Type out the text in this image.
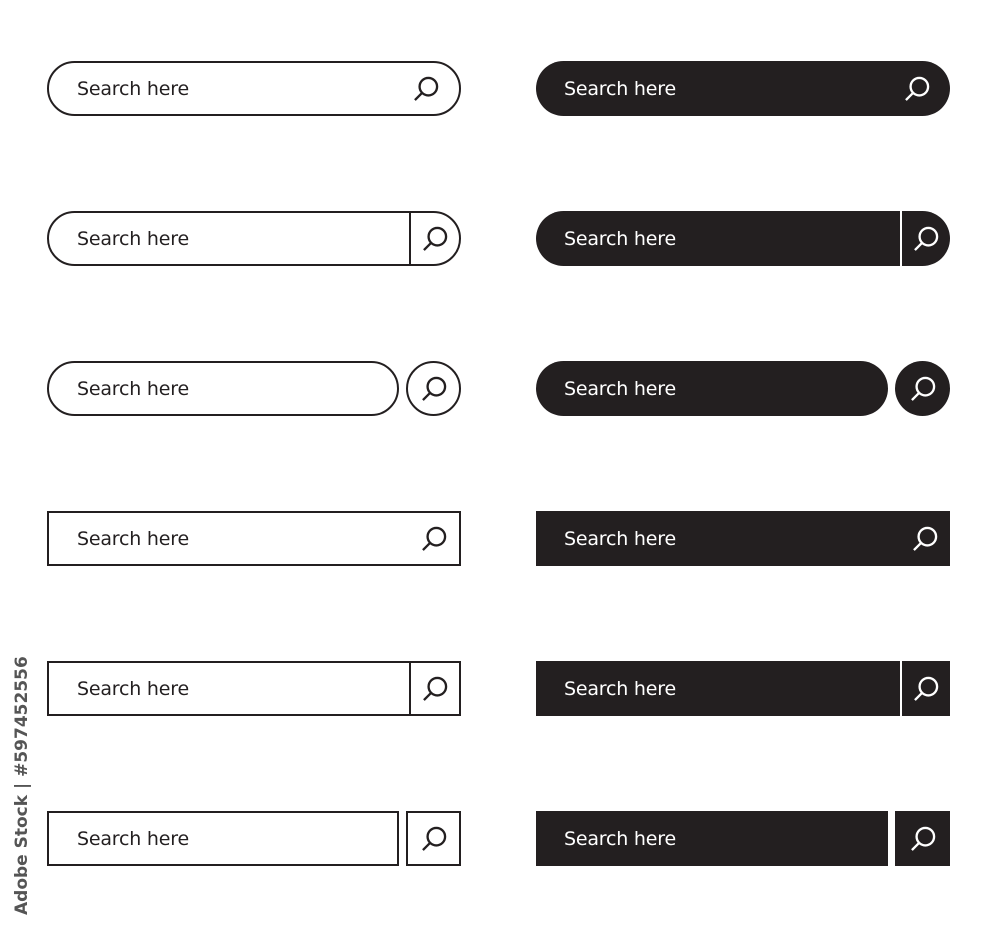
Search here
Search here
Search here
Search here
Search here
Search here
Search here
Search here
Search here
Search here
Search here
Search here
Adobe Stock | #597452556
